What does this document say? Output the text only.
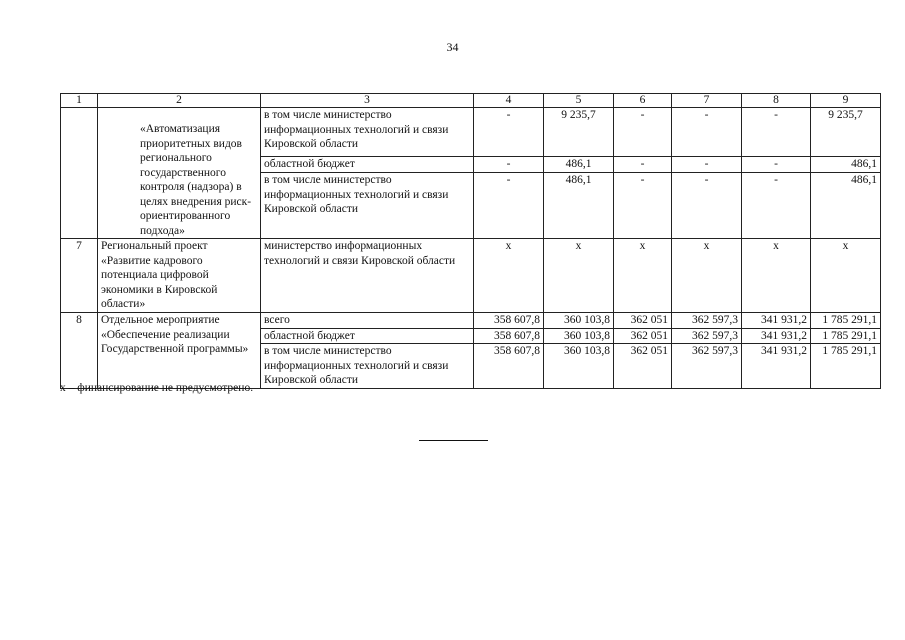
34
1	2	3	4	5	6	7	8	9
	«Автоматизация приоритетных видов регионального государственного контроля (надзора) в целях внедрения риск-ориентированного подхода»	в том числе министерство информационных технологий и связи Кировской области	-	9 235,7	-	-	-	9 235,7
		областной бюджет	-	486,1	-	-	-	486,1
		в том числе министерство информационных технологий и связи Кировской области	-	486,1	-	-	-	486,1
7	Региональный проект «Развитие кадрового потенциала цифровой экономики в Кировской области»	министерство информационных технологий и связи Кировской области	х	х	х	х	х	х
8	Отдельное мероприятие «Обеспечение реализации Государственной программы»	всего	358 607,8	360 103,8	362 051	362 597,3	341 931,2	1 785 291,1
		областной бюджет	358 607,8	360 103,8	362 051	362 597,3	341 931,2	1 785 291,1
		в том числе министерство информационных технологий и связи Кировской области	358 607,8	360 103,8	362 051	362 597,3	341 931,2	1 785 291,1
х – финансирование не предусмотрено.
